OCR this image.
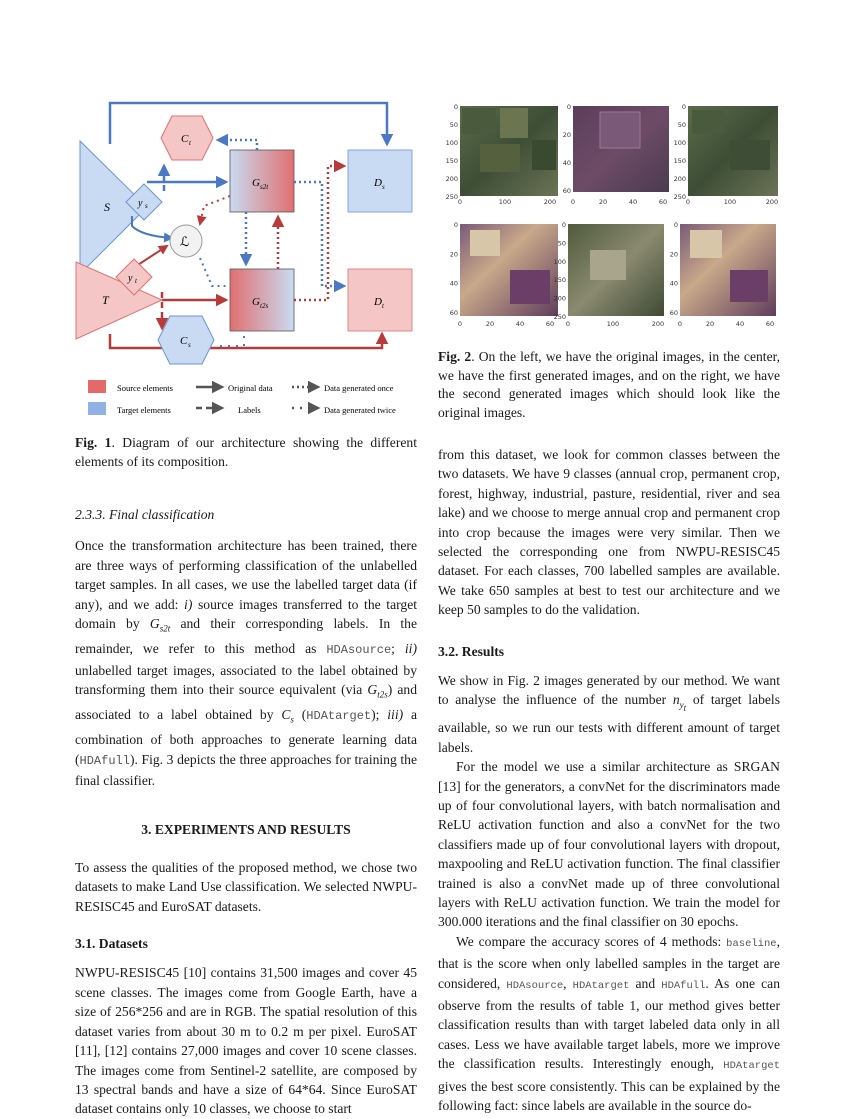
S
T
y s
y t
C t
C s
ℒ
G s2t
G t2s
D s
D t
Source elements
Target elements
Original data
Labels
Data generated once
Data generated twice
Fig. 1. Diagram of our architecture showing the different elements of its composition.
0
50
100
150
200
250
0	100	200
0
20
40
60
0	20	40	60
0
50
100
150
200
250
0	100	200
0
20
40
60
0	20	40	60
0
50
100
150
200
250
0	100	200
0
20
40
60
0	20	40	60
Fig. 2. On the left, we have the original images, in the center, we have the first generated images, and on the right, we have the second generated images which should look like the original images.

2.3.3. Final classification

Once the transformation architecture has been trained, there are three ways of performing classification of the unlabelled target samples. In all cases, we use the labelled target data (if any), and we add: i) source images transferred to the target domain by $G_{s2t}$ and their corresponding labels. In the remainder, we refer to this method as HDAsource; ii) unlabelled target images, associated to the label obtained by transforming them into their source equivalent (via $G_{t2s}$) and associated to a label obtained by $C_s$ (HDAtarget); iii) a combination of both approaches to generate learning data (HDAfull). Fig. 3 depicts the three approaches for training the final classifier.

3. EXPERIMENTS AND RESULTS

To assess the qualities of the proposed method, we chose two datasets to make Land Use classification. We selected NWPU-RESISC45 and EuroSAT datasets.

3.1. Datasets

NWPU-RESISC45 [10] contains 31,500 images and cover 45 scene classes. The images come from Google Earth, have a size of 256*256 and are in RGB. The spatial resolution of this dataset varies from about 30 m to 0.2 m per pixel. EuroSAT [11], [12] contains 27,000 images and cover 10 scene classes. The images come from Sentinel-2 satellite, are composed by 13 spectral bands and have a size of 64*64. Since EuroSAT dataset contains only 10 classes, we choose to start

from this dataset, we look for common classes between the two datasets. We have 9 classes (annual crop, permanent crop, forest, highway, industrial, pasture, residential, river and sea lake) and we choose to merge annual crop and permanent crop into crop because the images were very similar. Then we selected the corresponding one from NWPU-RESISC45 dataset. For each classes, 700 labelled samples are available. We take 650 samples at best to test our architecture and we keep 50 samples to do the validation.

3.2. Results

We show in Fig. 2 images generated by our method. We want to analyse the influence of the number $n_{y_t}$ of target labels available, so we run our tests with different amount of target labels.

For the model we use a similar architecture as SRGAN [13] for the generators, a convNet for the discriminators made up of four convolutional layers, with batch normalisation and ReLU activation function and also a convNet for the two classifiers made up of four convolutional layers with dropout, maxpooling and ReLU activation function. The final classifier trained is also a convNet made up of three convolutional layers with ReLU activation function. We train the model for 300.000 iterations and the final classifier on 30 epochs.

We compare the accuracy scores of 4 methods: baseline, that is the score when only labelled samples in the target are considered, HDAsource, HDAtarget and HDAfull. As one can observe from the results of table 1, our method gives better classification results than with target labeled data only in all cases. Less we have available target labels, more we improve the classification results. Interestingly enough, HDAtarget gives the best score consistently. This can be explained by the following fact: since labels are available in the source do-
